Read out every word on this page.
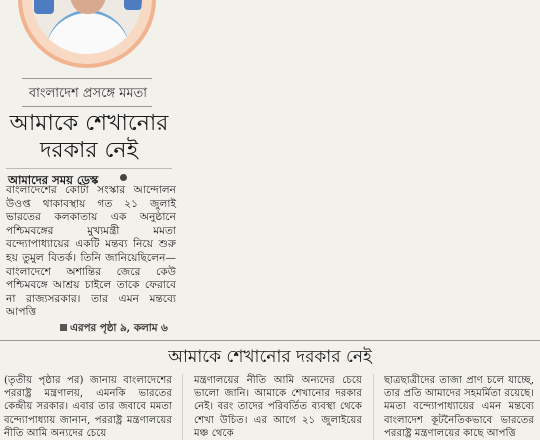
বাংলাদেশ প্রসঙ্গে মমতা
আমাকে শেখানোর
দরকার নেই
আমাদের সময় ডেস্ক

বাংলাদেশের কোটা সংস্কার আন্দোলন উওপ্ত থাকাবস্থায় গত ২১ জুলাই ভারতের কলকাতায় এক অনুষ্ঠানে পশ্চিমবঙ্গের মুখ্যমন্ত্রী মমতা বন্দ্যোপাধ্যায়ের একটি মন্তব্য নিয়ে শুরু হয় তুমুল বিতর্ক। তিনি জানিয়েছিলেন— বাংলাদেশে অশান্তির জেরে কেউ পশ্চিমবঙ্গে আশ্রয় চাইলে তাকে ফেরাবে না রাজ্যসরকার। তার এমন মন্তব্যে আপত্তি

এরপর পৃষ্ঠা ৯, কলাম ৬
আমাকে শেখানোর দরকার নেই

(তৃতীয় পৃষ্ঠার পর) জানায় বাংলাদেশের পররাষ্ট্র মন্ত্রণালয়, এমনকি ভারতের কেন্দ্রীয় সরকার। এবার তার জবাবে মমতা বন্দ্যোপাধ্যায় জানান, পররাষ্ট্র মন্ত্রণালয়ের নীতি আমি অন্যদের চেয়ে

মন্ত্রণালয়ের নীতি আমি অন্যদের চেয়ে ভালো জানি। আমাকে শেখানোর দরকার নেই। বরং তাদের পরিবর্তিত ব্যবস্থা থেকে শেখা উচিত। এর আগে ২১ জুলাইয়ের মঞ্চ থেকে

ছাত্রছাত্রীদের তাজা প্রাণ চলে যাচ্ছে, তার প্রতি আমাদের সহমর্মিতা রয়েছে। মমতা বন্দ্যোপাধ্যায়ের এমন মন্তব্যে বাংলাদেশ কূটনৈতিকভাবে ভারতের পররাষ্ট্র মন্ত্রণালয়ের কাছে আপত্তি
